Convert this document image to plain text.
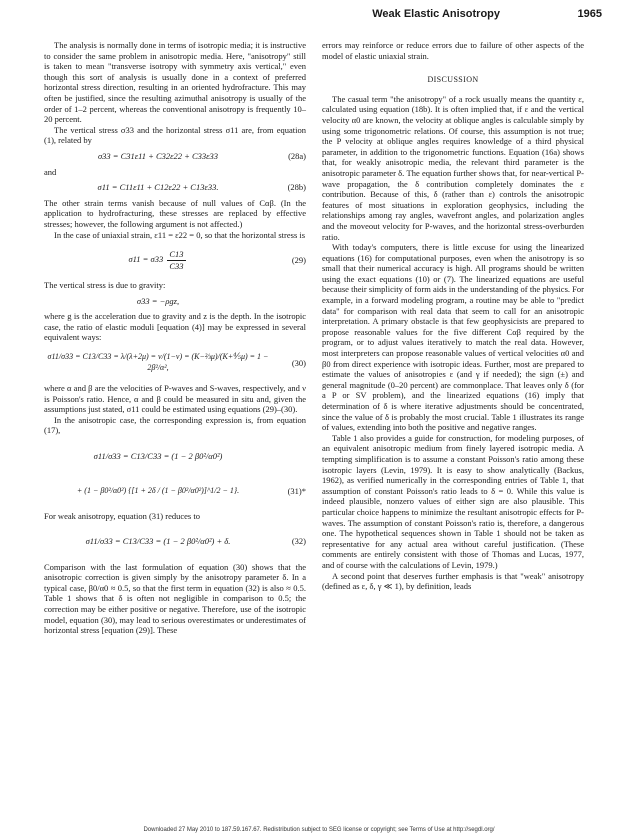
Weak Elastic Anisotropy	1965

The analysis is normally done in terms of isotropic media; it is instructive to consider the same problem in anisotropic media. Here, "anisotropy" still is taken to mean "transverse isotropy with symmetry axis vertical," even though this sort of analysis is usually done in a context of preferred horizontal stress direction, resulting in an oriented hydrofracture. This may often be justified, since the resulting azimuthal anisotropy is usually of the order of 1–2 percent, whereas the conventional anisotropy is frequently 10–20 percent.

The vertical stress σ33 and the horizontal stress σ11 are, from equation (1), related by

σ33 = C31ε11 + C32ε22 + C33ε33	(28a)

and

σ11 = C11ε11 + C12ε22 + C13ε33.	(28b)

The other strain terms vanish because of null values of Cαβ. (In the application to hydrofracturing, these stresses are replaced by effective stresses; however, the following argument is not affected.)

In the case of uniaxial strain, ε11 = ε22 = 0, so that the horizontal stress is

$\sigma 11 = \sigma 33 \frac{C13}{C33}$	(29)

The vertical stress is due to gravity:

σ33 = −ρgz,

where g is the acceleration due to gravity and z is the depth. In the isotropic case, the ratio of elastic moduli [equation (4)] may be expressed in several equivalent ways:

σ11/σ33 = C13/C33 = λ/(λ+2μ) = ν/(1−ν) = (K−⅔μ)/(K+⅘μ) = 1 − 2β²/α²,	(30)

where α and β are the velocities of P-waves and S-waves, respectively, and ν is Poisson's ratio. Hence, α and β could be measured in situ and, given the assumptions just stated, σ11 could be estimated using equations (29)–(30).

In the anisotropic case, the corresponding expression is, from equation (17),

σ11/σ33 = C13/C33 = (1 − 2 β0²/α0²)
+ (1 − β0²/α0²) {[1 + 2δ / (1 − β0²/α0²)]^1/2 − 1}.	(31)*

For weak anisotropy, equation (31) reduces to

σ11/σ33 = C13/C33 = (1 − 2 β0²/α0²) + δ.	(32)

Comparison with the last formulation of equation (30) shows that the anisotropic correction is given simply by the anisotropy parameter δ. In a typical case, β0/α0 ≈ 0.5, so that the first term in equation (32) is also ≈ 0.5. Table 1 shows that δ is often not negligible in comparison to 0.5; the correction may be either positive or negative. Therefore, use of the isotropic model, equation (30), may lead to serious overestimates or underestimates of horizontal stress [equation (29)]. These

errors may reinforce or reduce errors due to failure of other aspects of the model of elastic uniaxial strain.

DISCUSSION

The casual term "the anisotropy" of a rock usually means the quantity ε, calculated using equation (18b). It is often implied that, if ε and the vertical velocity α0 are known, the velocity at oblique angles is calculable simply by using some trigonometric relations. Of course, this assumption is not true; the P velocity at oblique angles requires knowledge of a third physical parameter, in addition to the trigonometric functions. Equation (16a) shows that, for weakly anisotropic media, the relevant third parameter is the anisotropic parameter δ. The equation further shows that, for near-vertical P-wave propagation, the δ contribution completely dominates the ε contribution. Because of this, δ (rather than ε) controls the anisotropic features of most situations in exploration geophysics, including the relationships among ray angles, wavefront angles, and polarization angles and the moveout velocity for P-waves, and the horizontal stress-overburden ratio.

With today's computers, there is little excuse for using the linearized equations (16) for computational purposes, even when the anisotropy is so small that their numerical accuracy is high. All programs should be written using the exact equations (10) or (7). The linearized equations are useful because their simplicity of form aids in the understanding of the physics. For example, in a forward modeling program, a routine may be able to "predict data" for comparison with real data that seem to call for an anisotropic interpretation. A primary obstacle is that few geophysicists are prepared to propose reasonable values for the five different Cαβ required by the program, or to adjust values iteratively to match the real data. However, most interpreters can propose reasonable values of vertical velocities α0 and β0 from direct experience with isotropic ideas. Further, most are prepared to estimate the values of anisotropies ε (and γ if needed); the sign (±) and general magnitude (0–20 percent) are commonplace. That leaves only δ (for a P or SV problem), and the linearized equations (16) imply that determination of δ is where iterative adjustments should be concentrated, since the value of δ is probably the most crucial. Table 1 illustrates its range of values, extending into both the positive and negative ranges.

Table 1 also provides a guide for construction, for modeling purposes, of an equivalent anisotropic medium from finely layered isotropic media. A tempting simplification is to assume a constant Poisson's ratio among these isotropic layers (Levin, 1979). It is easy to show analytically (Backus, 1962), as verified numerically in the corresponding entries of Table 1, that assumption of constant Poisson's ratio leads to δ = 0. While this value is indeed plausible, nonzero values of either sign are also plausible. This particular choice happens to minimize the resultant anisotropic effects for P-waves. The assumption of constant Poisson's ratio is, therefore, a dangerous one. The hypothetical sequences shown in Table 1 should not be taken as representative for any actual area without careful justification. (These comments are entirely consistent with those of Thomas and Lucas, 1977, and of course with the calculations of Levin, 1979.)

A second point that deserves further emphasis is that "weak" anisotropy (defined as ε, δ, γ ≪ 1), by definition, leads

Downloaded 27 May 2010 to 187.59.167.67. Redistribution subject to SEG license or copyright; see Terms of Use at http://segdl.org/
